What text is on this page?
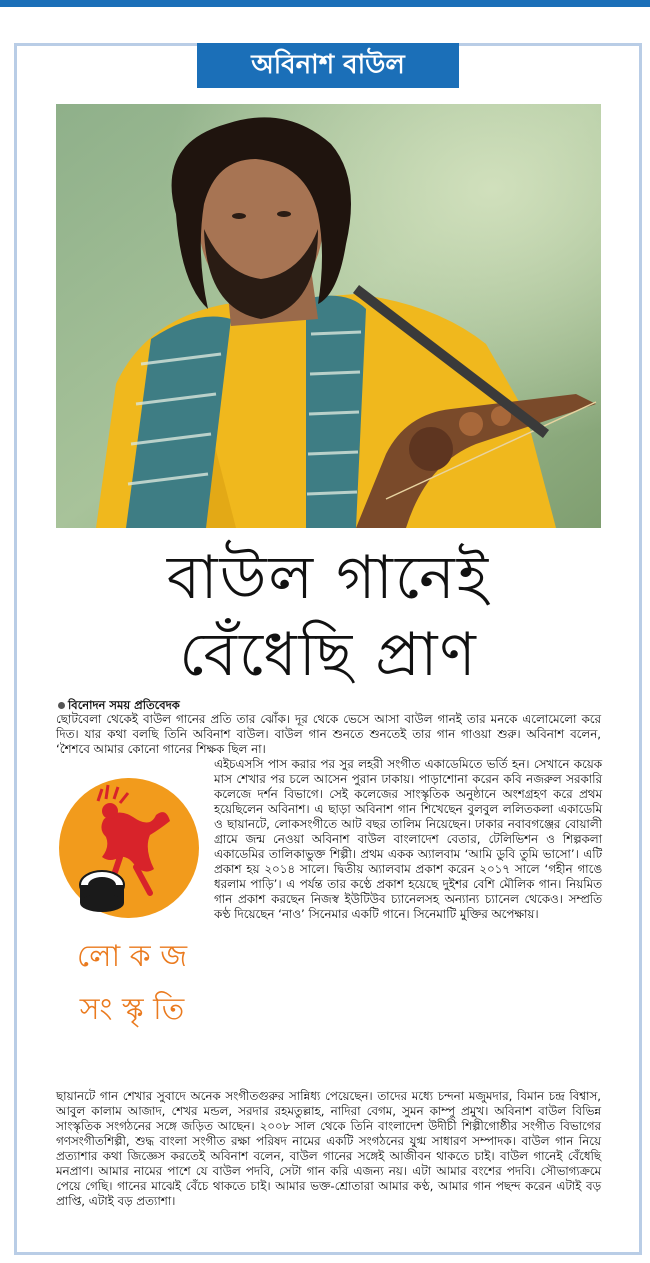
অবিনাশ বাউল
বাউল গানেই
বেঁধেছি প্রাণ
বিনোদন সময় প্রতিবেদক

ছোটবেলা থেকেই বাউল গানের প্রতি তার ঝোঁক। দূর থেকে ভেসে আসা বাউল গানই তার মনকে এলোমেলো করে দিত। যার কথা বলছি তিনি অবিনাশ বাউল। বাউল গান শুনতে শুনতেই তার গান গাওয়া শুরু। অবিনাশ বলেন, ‘শৈশবে আমার কোনো গানের শিক্ষক ছিল না।

লো ক জ
সং স্কৃ তি

এইচএসসি পাস করার পর সুর লহরী সংগীত একাডেমিতে ভর্তি হন। সেখানে কয়েক মাস শেখার পর চলে আসেন পুরান ঢাকায়। পাড়াশোনা করেন কবি নজরুল সরকারি কলেজে দর্শন বিভাগে। সেই কলেজের সাংস্কৃতিক অনুষ্ঠানে অংশগ্রহণ করে প্রথম হয়েছিলেন অবিনাশ। এ ছাড়া অবিনাশ গান শিখেছেন বুলবুল ললিতকলা একাডেমি ও ছায়ানটে, লোকসংগীতে আট বছর তালিম নিয়েছেন। ঢাকার নবাবগঞ্জের বোয়ালী গ্রামে জন্ম নেওয়া অবিনাশ বাউল বাংলাদেশ বেতার, টেলিভিশন ও শিল্পকলা একাডেমির তালিকাভুক্ত শিল্পী। প্রথম একক অ্যালবাম ‘আমি ডুবি তুমি ভাসো’। এটি প্রকাশ হয় ২০১৪ সালে। দ্বিতীয় অ্যালবাম প্রকাশ করেন ২০১৭ সালে ‘গহীন গাঙে ধরলাম পাড়ি’। এ পর্যন্ত তার কণ্ঠে প্রকাশ হয়েছে দুইশর বেশি মৌলিক গান। নিয়মিত গান প্রকাশ করছেন নিজস্ব ইউটিউব চ্যানেলসহ অন্যান্য চ্যানেল থেকেও। সম্প্রতি কণ্ঠ দিয়েছেন ‘নাও’ সিনেমার একটি গানে। সিনেমাটি মুক্তির অপেক্ষায়।

ছায়ানটে গান শেখার সুবাদে অনেক সংগীতগুরুর সান্নিধ্য পেয়েছেন। তাদের মধ্যে চন্দনা মজুমদার, বিমান চন্দ্র বিশ্বাস, আবুল কালাম আজাদ, শেখর মন্ডল, সরদার রহমতুল্লাহ, নাদিরা বেগম, সুমন কাম্পু প্রমুখ। অবিনাশ বাউল বিভিন্ন সাংস্কৃতিক সংগঠনের সঙ্গে জড়িত আছেন। ২০০৮ সাল থেকে তিনি বাংলাদেশ উদীচী শিল্পীগোষ্ঠীর সংগীত বিভাগের গণসংগীতশিল্পী, শুদ্ধ বাংলা সংগীত রক্ষা পরিষদ নামের একটি সংগঠনের যুগ্ম সাধারণ সম্পাদক। বাউল গান নিয়ে প্রত্যাশার কথা জিজ্ঞেস করতেই অবিনাশ বলেন, বাউল গানের সঙ্গেই আজীবন থাকতে চাই। বাউল গানেই বেঁধেছি মনপ্রাণ। আমার নামের পাশে যে বাউল পদবি, সেটা গান করি এজন্য নয়। এটা আমার বংশের পদবি। সৌভাগ্যক্রমে পেয়ে গেছি। গানের মাঝেই বেঁচে থাকতে চাই। আমার ভক্ত-শ্রোতারা আমার কণ্ঠ, আমার গান পছন্দ করেন এটাই বড় প্রাপ্তি, এটাই বড় প্রত্যাশা।
